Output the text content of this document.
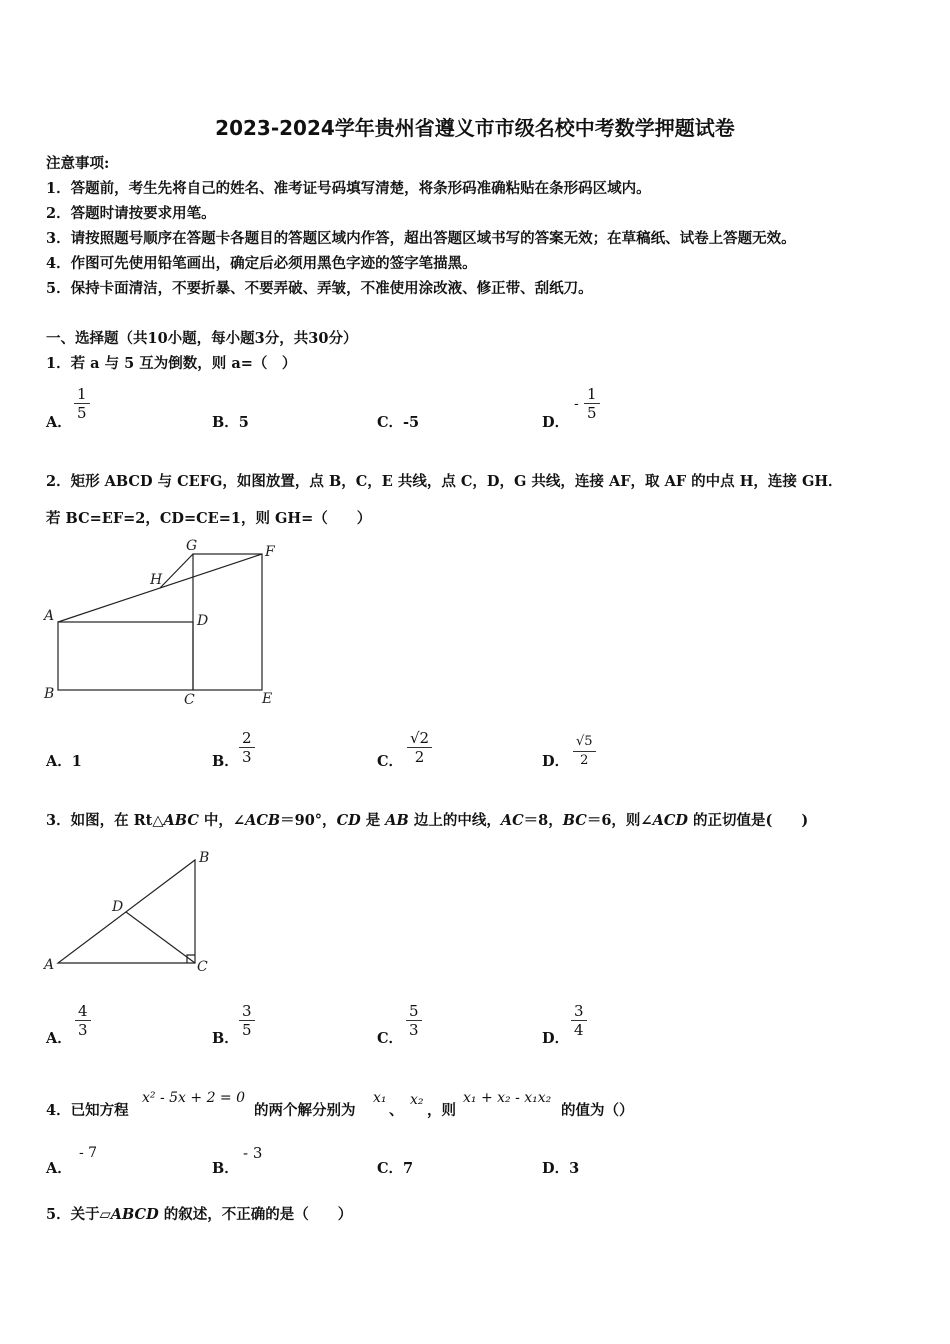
2023-2024学年贵州省遵义市市级名校中考数学押题试卷
注意事项:
1．答题前，考生先将自己的姓名、准考证号码填写清楚，将条形码准确粘贴在条形码区域内。
2．答题时请按要求用笔。
3．请按照题号顺序在答题卡各题目的答题区域内作答，超出答题区域书写的答案无效；在草稿纸、试卷上答题无效。
4．作图可先使用铅笔画出，确定后必须用黑色字迹的签字笔描黑。
5．保持卡面清洁，不要折暴、不要弄破、弄皱，不准使用涂改液、修正带、刮纸刀。
一、选择题（共10小题，每小题3分，共30分）
1．若 a 与 5 互为倒数，则 a=（　）
A．
1
5
B．5	C．-5	D．
-
1
5
2．矩形 ABCD 与 CEFG，如图放置，点 B，C，E 共线，点 C，D，G 共线，连接 AF，取 AF 的中点 H，连接 GH．
若 BC=EF=2，CD=CE=1，则 GH=（　　）
A
B	C
D
E
F
G
H
A．1	B．
2
3	C．
√2
2	D．
√5
2
3．如图，在 Rt△ABC 中，∠ACB＝90°，CD 是 AB 边上的中线，AC＝8，BC＝6，则∠ACD 的正切值是(　　)
A
B
C
D
A．
4
3	B．
3
5	C．
5
3	D．
3
4
4．已知方程
x² - 5x + 2 = 0
的两个解分别为
x₁
、
x₂
，则
x₁ + x₂ - x₁x₂
的值为（）
A．
- 7
B．
- 3
C．7	D．3
5．关于▱ABCD 的叙述，不正确的是（　　）
